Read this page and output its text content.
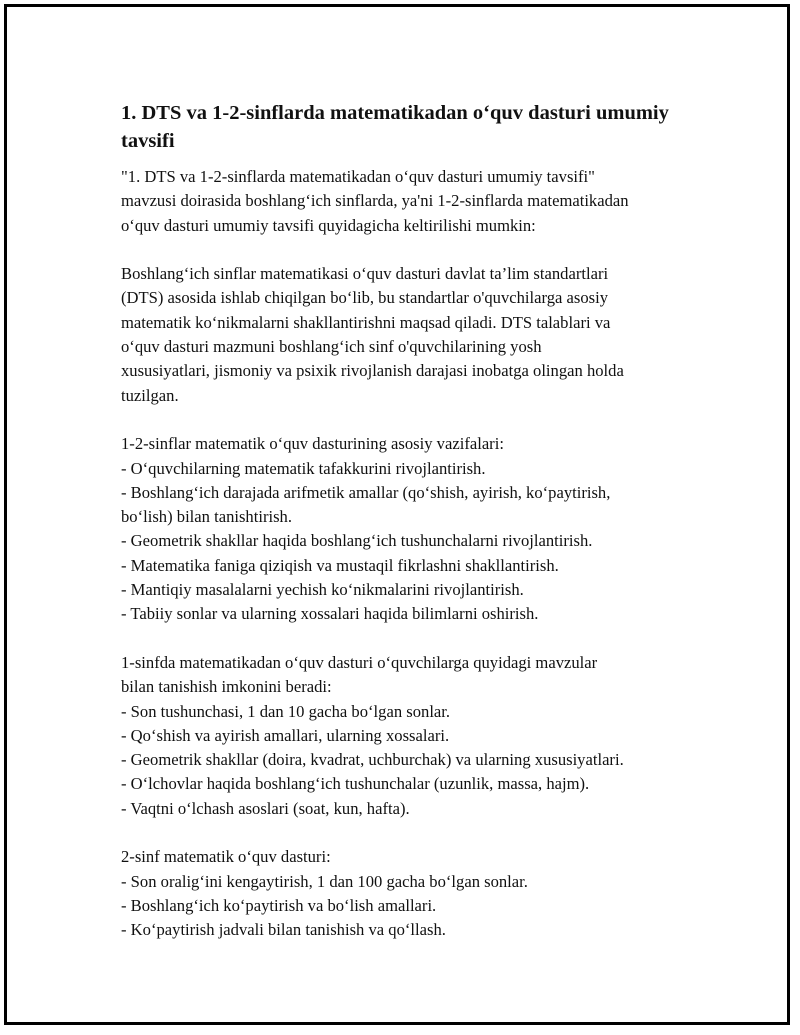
1. DTS va 1-2-sinflarda matematikadan o‘quv dasturi umumiy
tavsifi

"1. DTS va 1-2-sinflarda matematikadan o‘quv dasturi umumiy tavsifi"
mavzusi doirasida boshlang‘ich sinflarda, ya'ni 1-2-sinflarda matematikadan
o‘quv dasturi umumiy tavsifi quyidagicha keltirilishi mumkin:

Boshlang‘ich sinflar matematikasi o‘quv dasturi davlat ta’lim standartlari
(DTS) asosida ishlab chiqilgan bo‘lib, bu standartlar o'quvchilarga asosiy
matematik ko‘nikmalarni shakllantirishni maqsad qiladi. DTS talablari va
o‘quv dasturi mazmuni boshlang‘ich sinf o'quvchilarining yosh
xususiyatlari, jismoniy va psixik rivojlanish darajasi inobatga olingan holda
tuzilgan.

1-2-sinflar matematik o‘quv dasturining asosiy vazifalari:
- O‘quvchilarning matematik tafakkurini rivojlantirish.
- Boshlang‘ich darajada arifmetik amallar (qo‘shish, ayirish, ko‘paytirish,
bo‘lish) bilan tanishtirish.
- Geometrik shakllar haqida boshlang‘ich tushunchalarni rivojlantirish.
- Matematika faniga qiziqish va mustaqil fikrlashni shakllantirish.
- Mantiqiy masalalarni yechish ko‘nikmalarini rivojlantirish.
- Tabiiy sonlar va ularning xossalari haqida bilimlarni oshirish.

1-sinfda matematikadan o‘quv dasturi o‘quvchilarga quyidagi mavzular
bilan tanishish imkonini beradi:
- Son tushunchasi, 1 dan 10 gacha bo‘lgan sonlar.
- Qo‘shish va ayirish amallari, ularning xossalari.
- Geometrik shakllar (doira, kvadrat, uchburchak) va ularning xususiyatlari.
- O‘lchovlar haqida boshlang‘ich tushunchalar (uzunlik, massa, hajm).
- Vaqtni o‘lchash asoslari (soat, kun, hafta).

2-sinf matematik o‘quv dasturi:
- Son oralig‘ini kengaytirish, 1 dan 100 gacha bo‘lgan sonlar.
- Boshlang‘ich ko‘paytirish va bo‘lish amallari.
- Ko‘paytirish jadvali bilan tanishish va qo‘llash.
